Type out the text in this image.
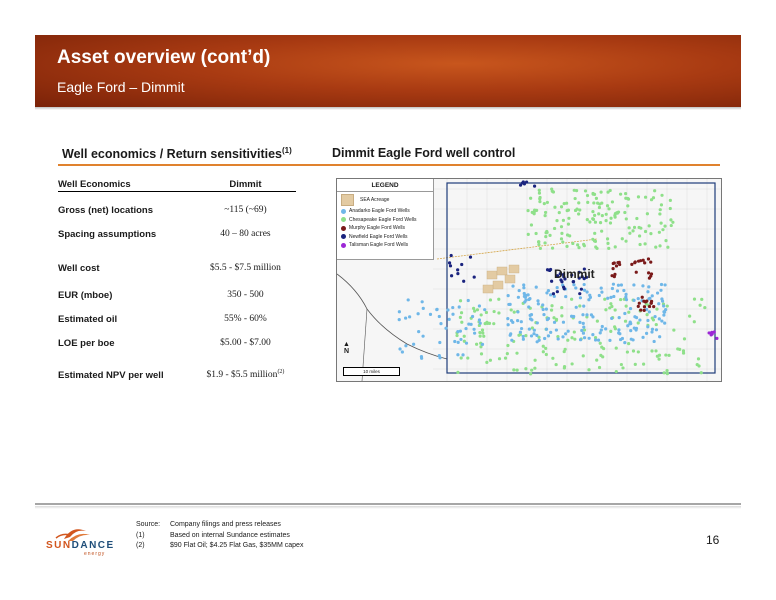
Asset overview (cont’d)
Eagle Ford – Dimmit
Well economics / Return sensitivities$^{(1)}$	Dimmit Eagle Ford well control
Well Economics	Dimmit

Gross (net) locations	~115 (~69)

Spacing assumptions	40 – 80 acres

Well cost	$5.5 - $7.5 million

EUR (mboe)	350 - 500

Estimated oil	55% - 60%

LOE per boe	$5.00 - $7.00

Estimated NPV per well	$1.9 - $5.5 million$^{(2)}$
LEGEND
SEA Acreage
Anadarko Eagle Ford Wells
Chesapeake Eagle Ford Wells
Murphy Eagle Ford Wells
Newfield Eagle Ford Wells
Talisman Eagle Ford Wells
Dimmit
▲
N
10 miles
SUNDANCE
energy
Source:	Company filings and press releases
(1)	Based on internal Sundance estimates
(2)	$90 Flat Oil; $4.25 Flat Gas, $35MM capex	16
